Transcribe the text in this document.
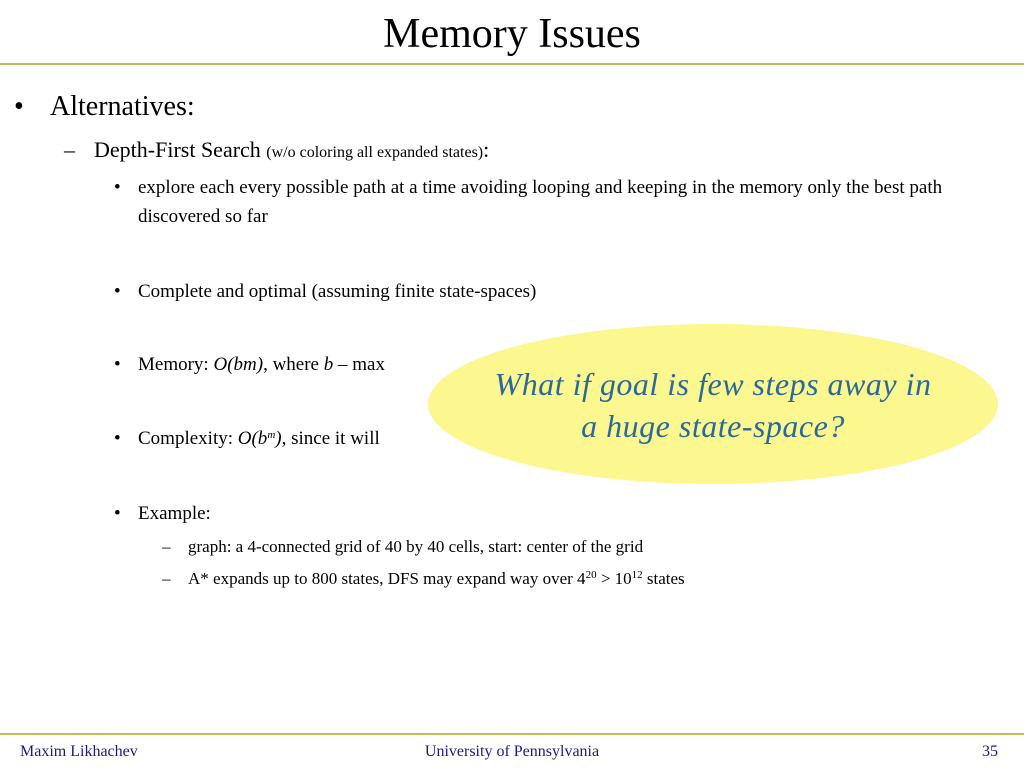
Memory Issues
• Alternatives:
– Depth-First Search (w/o coloring all expanded states):
• explore each every possible path at a time avoiding looping and keeping in the memory only the best path discovered so far
• Complete and optimal (assuming finite state-spaces)
• Memory: O(bm), where b – max
• Complexity: $O(b^m)$, since it will
• Example:
– graph: a 4-connected grid of 40 by 40 cells, start: center of the grid
– A* expands up to 800 states, DFS may expand way over $4^{20} > 10^{12}$ states
What if goal is few steps away in
a huge state-space?
Maxim Likhachev	University of Pennsylvania	35
